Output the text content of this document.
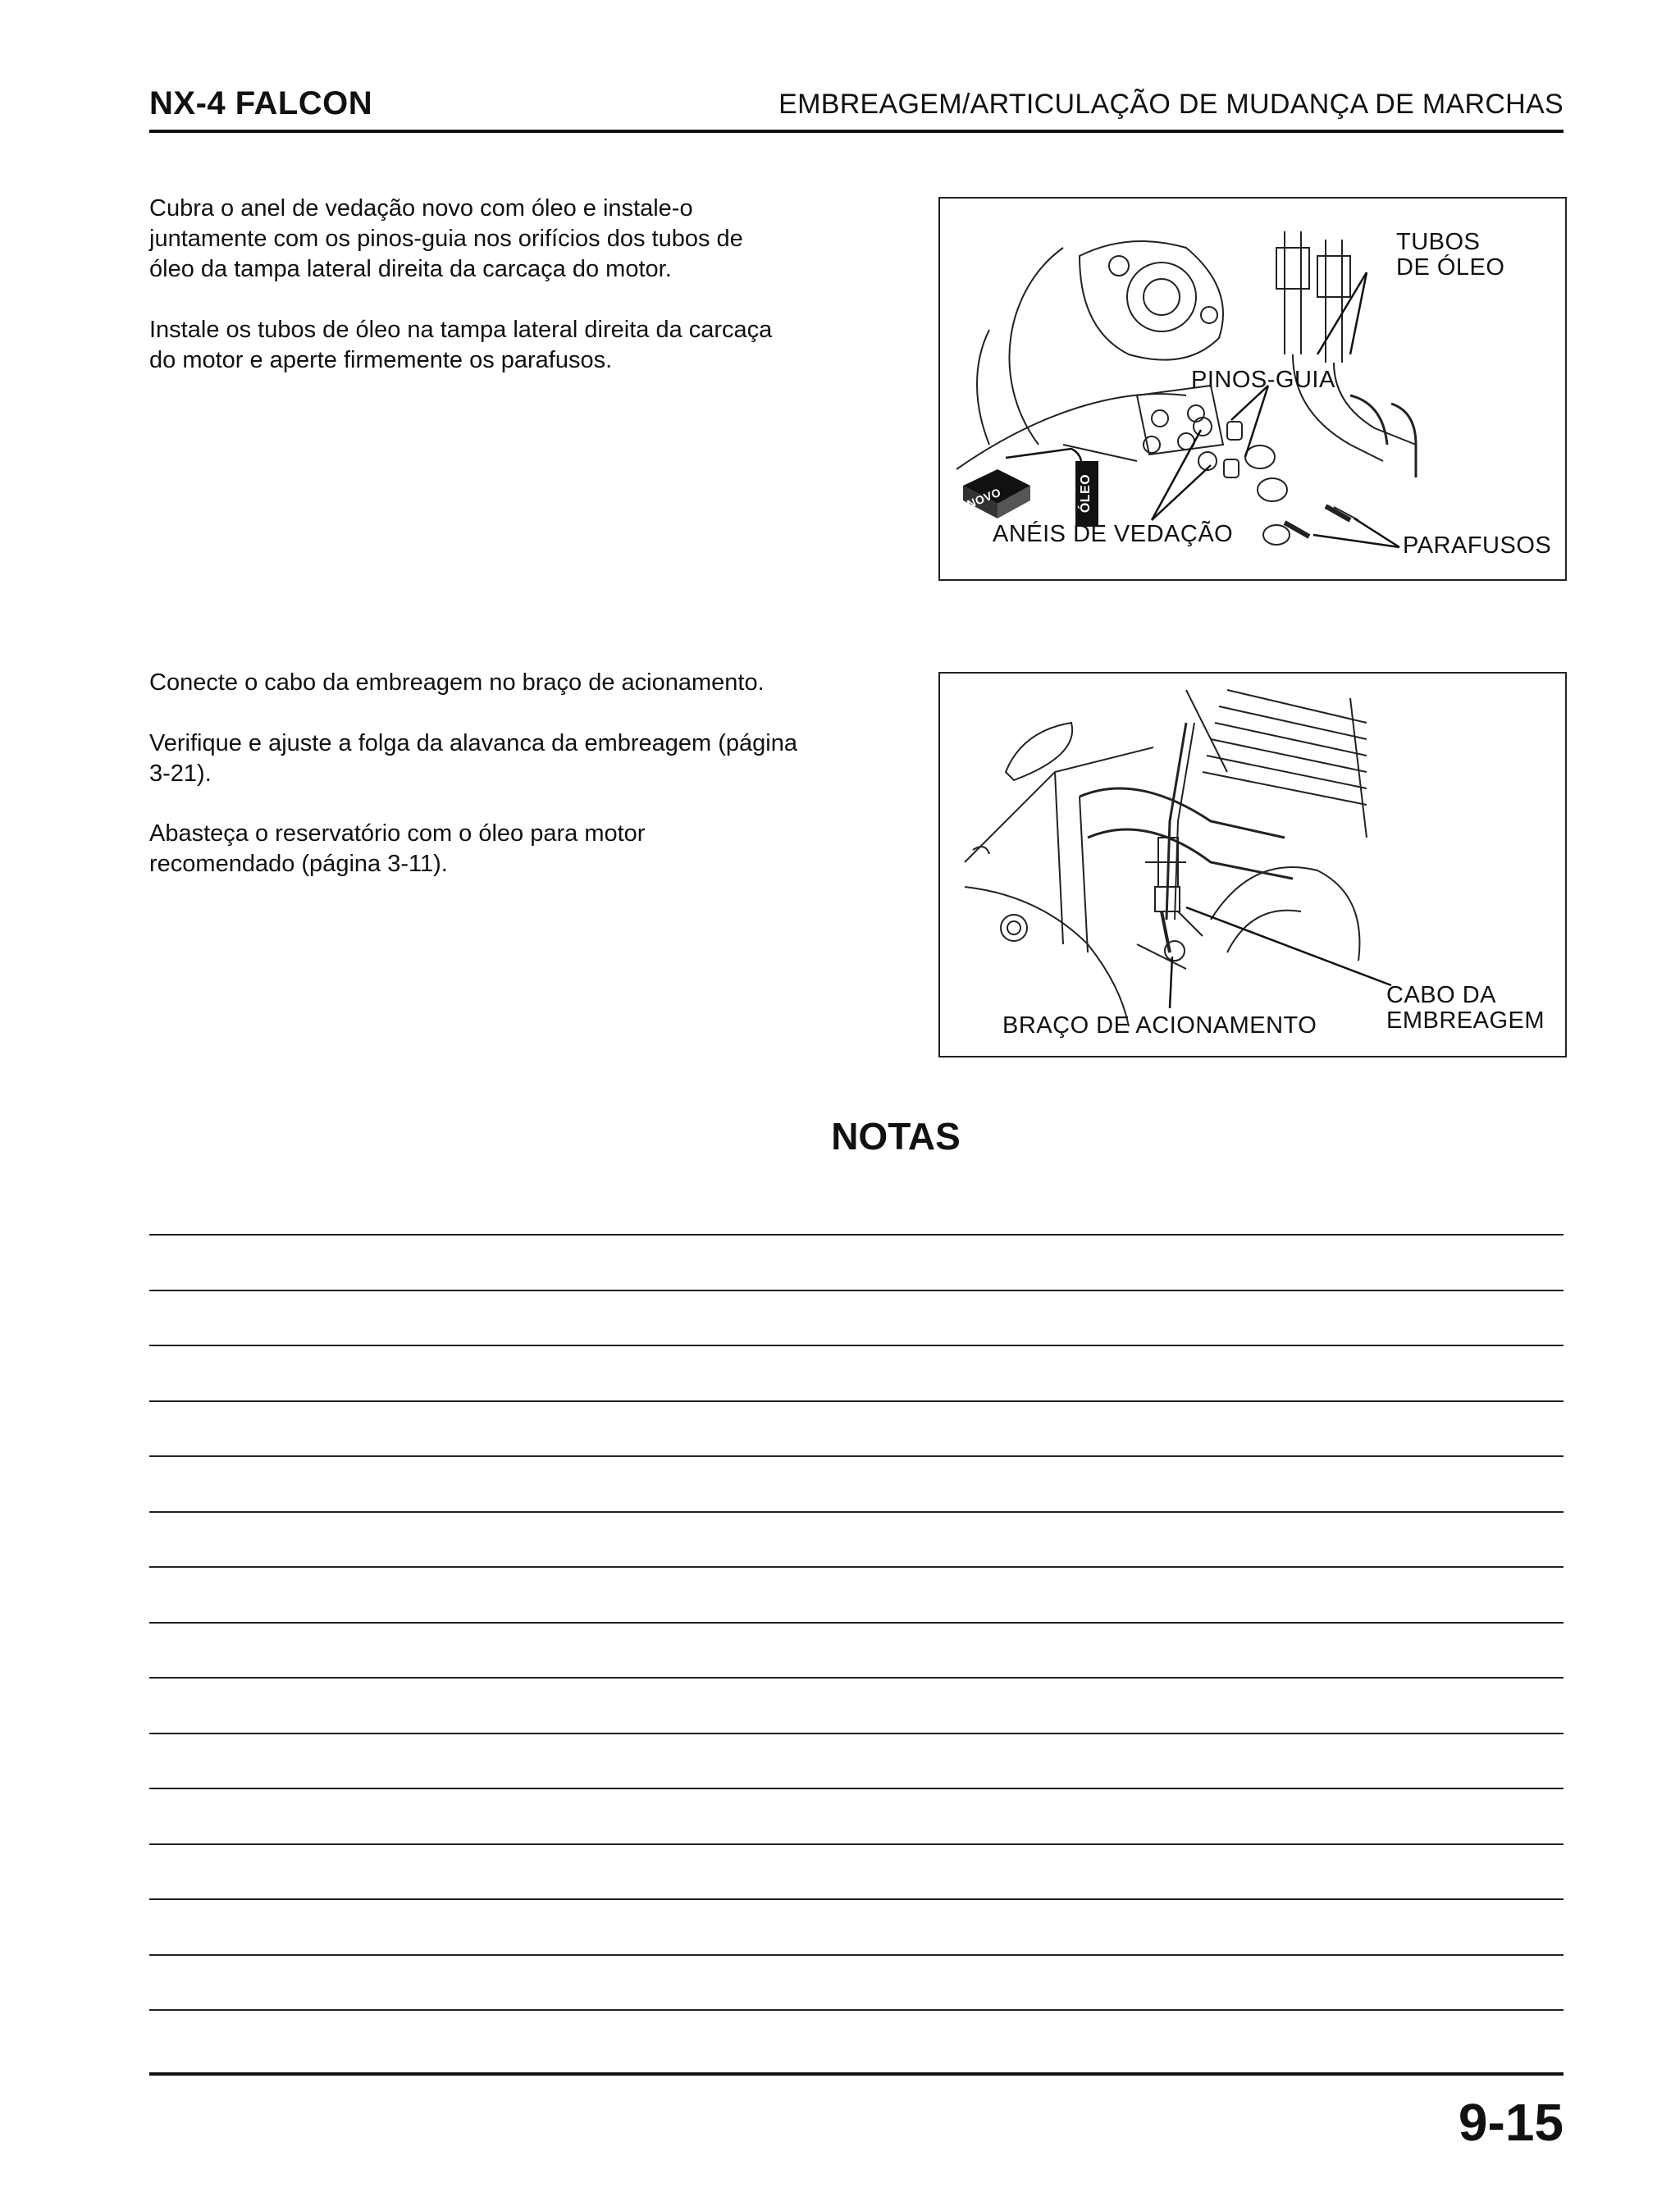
NX-4 FALCON	EMBREAGEM/ARTICULAÇÃO DE MUDANÇA DE MARCHAS
Cubra o anel de vedação novo com óleo e instale-o
juntamente com os pinos-guia nos orifícios dos tubos de
óleo da tampa lateral direita da carcaça do motor.
Instale os tubos de óleo na tampa lateral direita da carcaça
do motor e aperte firmemente os parafusos.
NOVO	ÓLEO
TUBOS
DE ÓLEO
PINOS-GUIA
ANÉIS DE VEDAÇÃO	PARAFUSOS
Conecte o cabo da embreagem no braço de acionamento.
Verifique e ajuste a folga da alavanca da embreagem (página
3-21).
Abasteça o reservatório com o óleo para motor
recomendado (página 3-11).
BRAÇO DE ACIONAMENTO
CABO DA
EMBREAGEM
NOTAS
9-15
